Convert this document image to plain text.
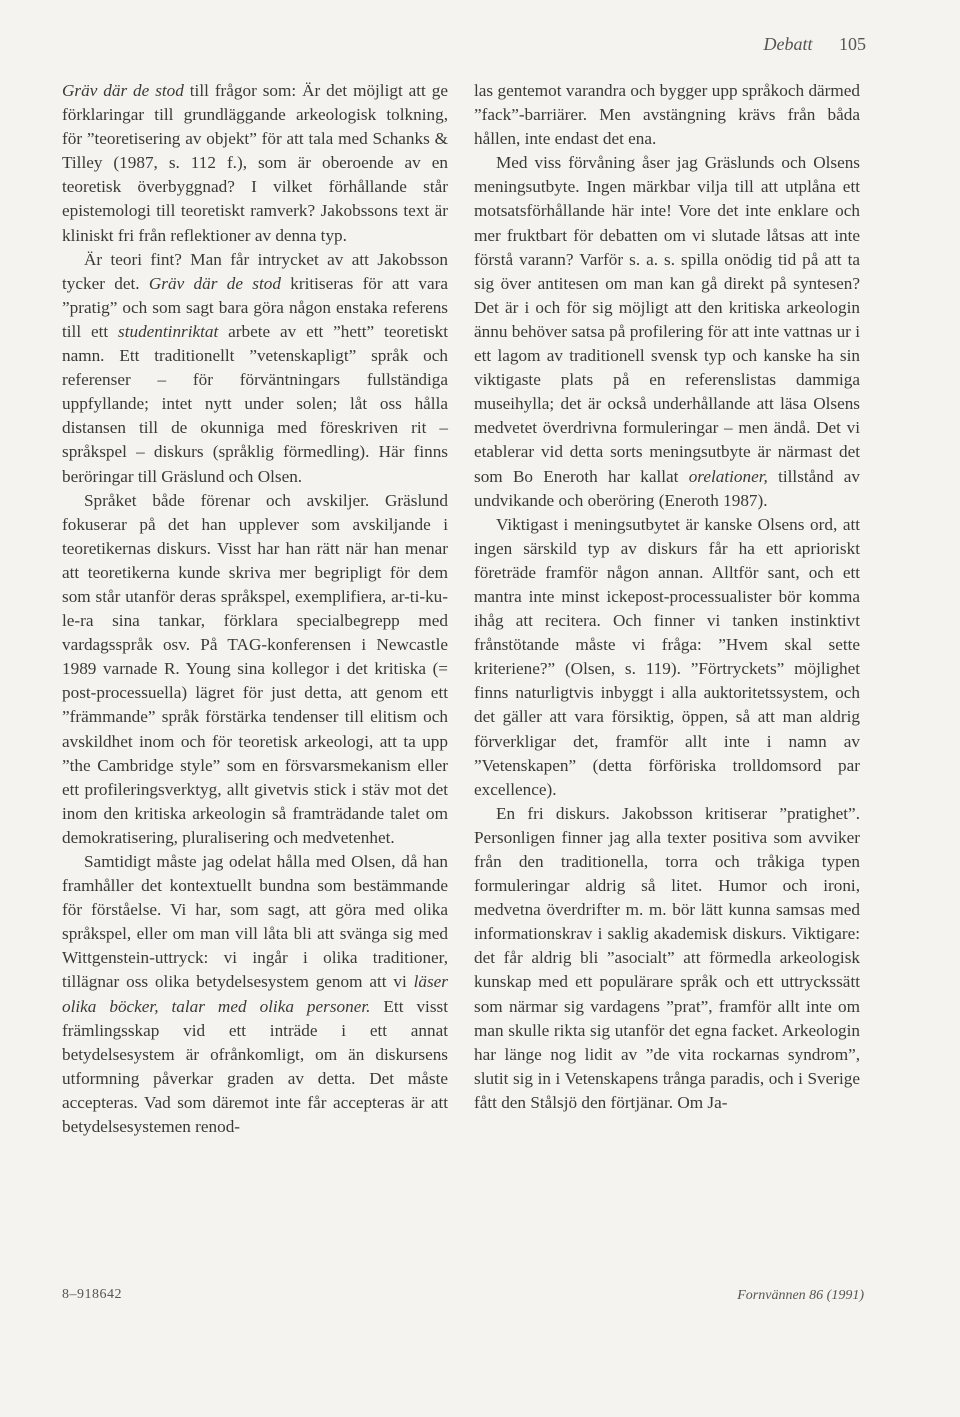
Debatt 105

Gräv där de stod till frågor som: Är det möjligt att ge förklaringar till grundläggande arkeologisk tolkning, för ”teoretisering av objekt” för att tala med Schanks & Tilley (1987, s. 112 f.), som är oberoende av en teoretisk överbyggnad? I vilket förhållande står epistemologi till teoretiskt ramverk? Jakobssons text är kliniskt fri från reflektioner av denna typ.

Är teori fint? Man får intrycket av att Jakobsson tycker det. Gräv där de stod kritiseras för att vara ”pratig” och som sagt bara göra någon enstaka referens till ett studentinriktat arbete av ett ”hett” teoretiskt namn. Ett traditionellt ”vetenskapligt” språk och referenser – för förväntningars fullständiga uppfyllande; intet nytt under solen; låt oss hålla distansen till de okunniga med föreskriven rit – språkspel – diskurs (språklig förmedling). Här finns beröringar till Gräslund och Olsen.

Språket både förenar och avskiljer. Gräslund fokuserar på det han upplever som avskiljande i teoretikernas diskurs. Visst har han rätt när han menar att teoretikerna kunde skriva mer begripligt för dem som står utanför deras språkspel, exemplifiera, ar-ti-ku-le-ra sina tankar, förklara specialbegrepp med vardagsspråk osv. På TAG-konferensen i Newcastle 1989 varnade R. Young sina kollegor i det kritiska (= post-processuella) lägret för just detta, att genom ett ”främmande” språk förstärka tendenser till elitism och avskildhet inom och för teoretisk arkeologi, att ta upp ”the Cambridge style” som en försvarsmekanism eller ett profileringsverktyg, allt givetvis stick i stäv mot det inom den kritiska arkeologin så framträdande talet om demokratisering, pluralisering och medvetenhet.

Samtidigt måste jag odelat hålla med Olsen, då han framhåller det kontextuellt bundna som bestämmande för förståelse. Vi har, som sagt, att göra med olika språkspel, eller om man vill låta bli att svänga sig med Wittgenstein-uttryck: vi ingår i olika traditioner, tillägnar oss olika betydelsesystem genom att vi läser olika böcker, talar med olika personer. Ett visst främlingsskap vid ett inträde i ett annat betydelsesystem är ofrånkomligt, om än diskursens utformning påverkar graden av detta. Det måste accepteras. Vad som däremot inte får accepteras är att betydelsesystemen renod-

las gentemot varandra och bygger upp språkoch därmed ”fack”-barriärer. Men avstängning krävs från båda hållen, inte endast det ena.

Med viss förvåning åser jag Gräslunds och Olsens meningsutbyte. Ingen märkbar vilja till att utplåna ett motsatsförhållande här inte! Vore det inte enklare och mer fruktbart för debatten om vi slutade låtsas att inte förstå varann? Varför s. a. s. spilla onödig tid på att ta sig över antitesen om man kan gå direkt på syntesen? Det är i och för sig möjligt att den kritiska arkeologin ännu behöver satsa på profilering för att inte vattnas ur i ett lagom av traditionell svensk typ och kanske ha sin viktigaste plats på en referenslistas dammiga museihylla; det är också underhållande att läsa Olsens medvetet överdrivna formuleringar – men ändå. Det vi etablerar vid detta sorts meningsutbyte är närmast det som Bo Eneroth har kallat orelationer, tillstånd av undvikande och oberöring (Eneroth 1987).

Viktigast i meningsutbytet är kanske Olsens ord, att ingen särskild typ av diskurs får ha ett aprioriskt företräde framför någon annan. Alltför sant, och ett mantra inte minst ickepost-processualister bör komma ihåg att recitera. Och finner vi tanken instinktivt frånstötande måste vi fråga: ”Hvem skal sette kriteriene?” (Olsen, s. 119). ”Förtryckets” möjlighet finns naturligtvis inbyggt i alla auktoritetssystem, och det gäller att vara försiktig, öppen, så att man aldrig förverkligar det, framför allt inte i namn av ”Vetenskapen” (detta förföriska trolldomsord par excellence).

En fri diskurs. Jakobsson kritiserar ”pratighet”. Personligen finner jag alla texter positiva som avviker från den traditionella, torra och tråkiga typen formuleringar aldrig så litet. Humor och ironi, medvetna överdrifter m. m. bör lätt kunna samsas med informationskrav i saklig akademisk diskurs. Viktigare: det får aldrig bli ”asocialt” att förmedla arkeologisk kunskap med ett populärare språk och ett uttryckssätt som närmar sig vardagens ”prat”, framför allt inte om man skulle rikta sig utanför det egna facket. Arkeologin har länge nog lidit av ”de vita rockarnas syndrom”, slutit sig in i Vetenskapens trånga paradis, och i Sverige fått den Stålsjö den förtjänar. Om Ja-

8–918642	Fornvännen 86 (1991)
